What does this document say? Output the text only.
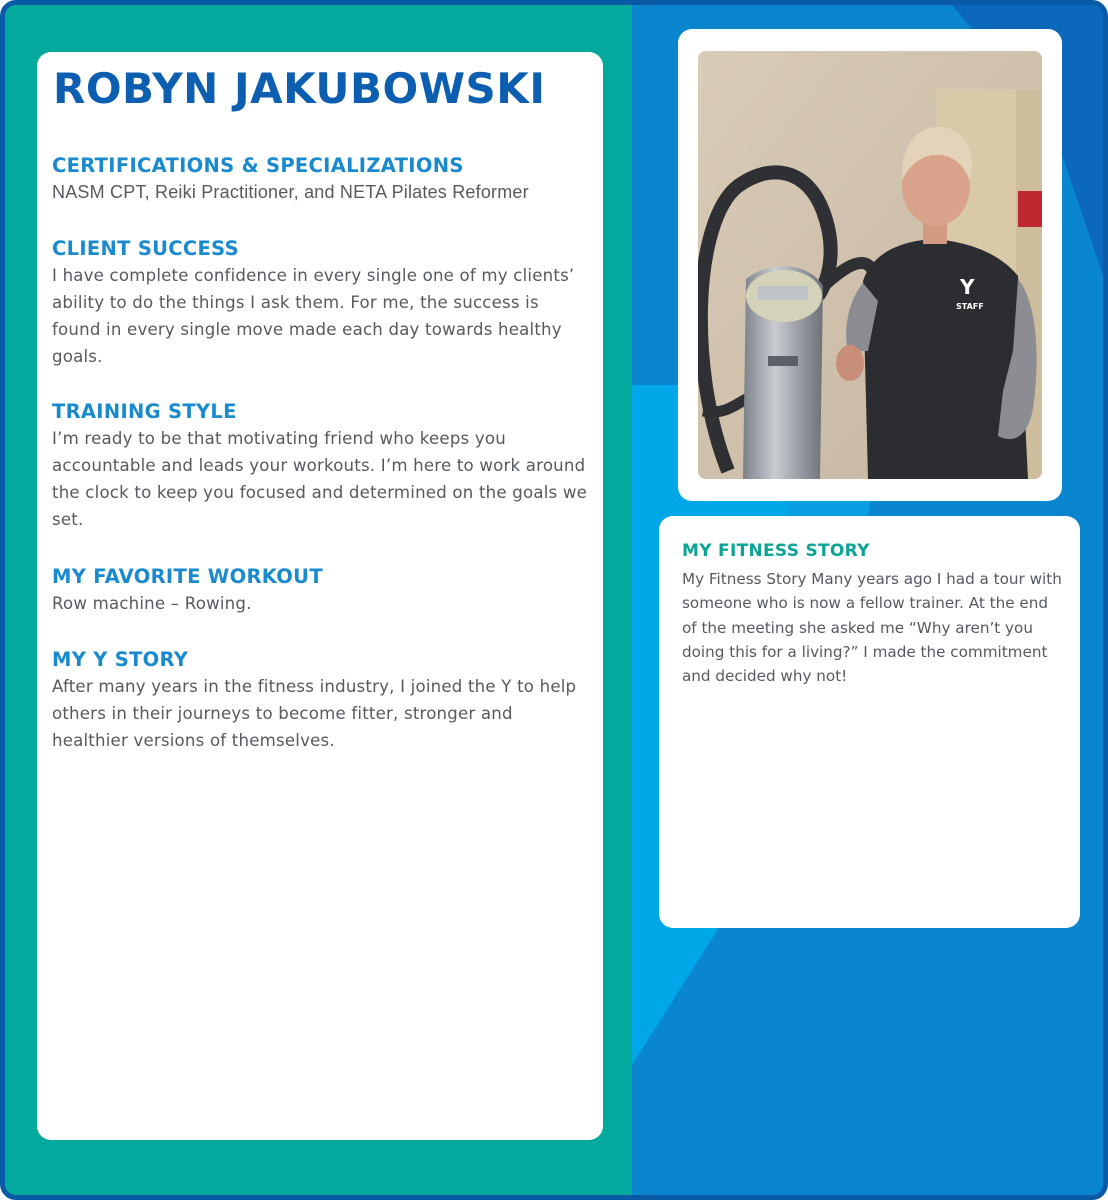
ROBYN JAKUBOWSKI
CERTIFICATIONS & SPECIALIZATIONS

NASM CPT, Reiki Practitioner, and NETA Pilates Reformer

CLIENT SUCCESS

I have complete confidence in every single one of my clients’ ability to do the things I ask them. For me, the success is found in every single move made each day towards healthy goals.

TRAINING STYLE

I’m ready to be that motivating friend who keeps you accountable and leads your workouts. I’m here to work around the clock to keep you focused and determined on the goals we set.

MY FAVORITE WORKOUT

Row machine – Rowing.

MY Y STORY

After many years in the fitness industry, I joined the Y to help others in their journeys to become fitter, stronger and healthier versions of themselves.

Y
STAFF
MY FITNESS STORY

My Fitness Story Many years ago I had a tour with someone who is now a fellow trainer. At the end of the meeting she asked me “Why aren’t you doing this for a living?” I made the commitment and decided why not!
